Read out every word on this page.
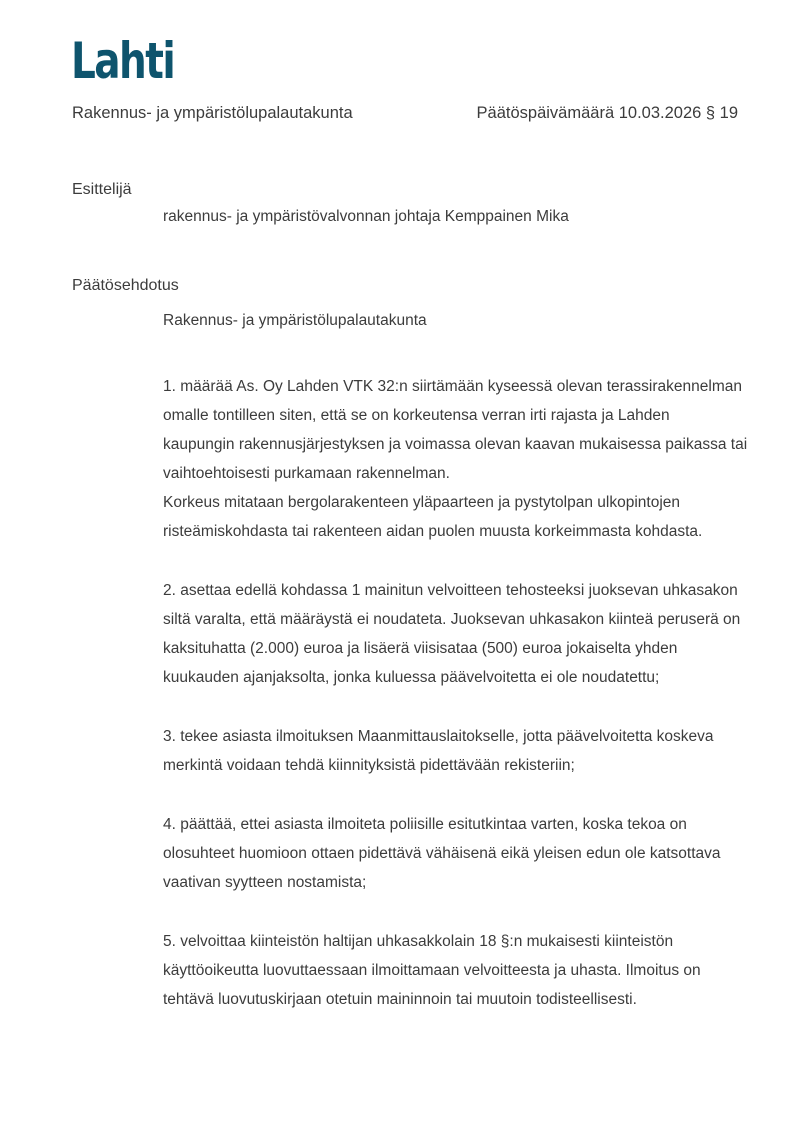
Lahti
Rakennus- ja ympäristölupalautakunta	Päätöspäivämäärä 10.03.2026 § 19
Esittelijä
rakennus- ja ympäristövalvonnan johtaja Kemppainen Mika
Päätösehdotus
Rakennus- ja ympäristölupalautakunta
1. määrää As. Oy Lahden VTK 32:n siirtämään kyseessä olevan terassirakennelman
omalle tontilleen siten, että se on korkeutensa verran irti rajasta ja Lahden
kaupungin rakennusjärjestyksen ja voimassa olevan kaavan mukaisessa paikassa tai
vaihtoehtoisesti purkamaan rakennelman.
Korkeus mitataan bergolarakenteen yläpaarteen ja pystytolpan ulkopintojen
risteämiskohdasta tai rakenteen aidan puolen muusta korkeimmasta kohdasta.
2. asettaa edellä kohdassa 1 mainitun velvoitteen tehosteeksi juoksevan uhkasakon
siltä varalta, että määräystä ei noudateta. Juoksevan uhkasakon kiinteä peruserä on
kaksituhatta (2.000) euroa ja lisäerä viisisataa (500) euroa jokaiselta yhden
kuukauden ajanjaksolta, jonka kuluessa päävelvoitetta ei ole noudatettu;
3. tekee asiasta ilmoituksen Maanmittauslaitokselle, jotta päävelvoitetta koskeva
merkintä voidaan tehdä kiinnityksistä pidettävään rekisteriin;
4. päättää, ettei asiasta ilmoiteta poliisille esitutkintaa varten, koska tekoa on
olosuhteet huomioon ottaen pidettävä vähäisenä eikä yleisen edun ole katsottava
vaativan syytteen nostamista;
5. velvoittaa kiinteistön haltijan uhkasakkolain 18 §:n mukaisesti kiinteistön
käyttöoikeutta luovuttaessaan ilmoittamaan velvoitteesta ja uhasta. Ilmoitus on
tehtävä luovutuskirjaan otetuin maininnoin tai muutoin todisteellisesti.
